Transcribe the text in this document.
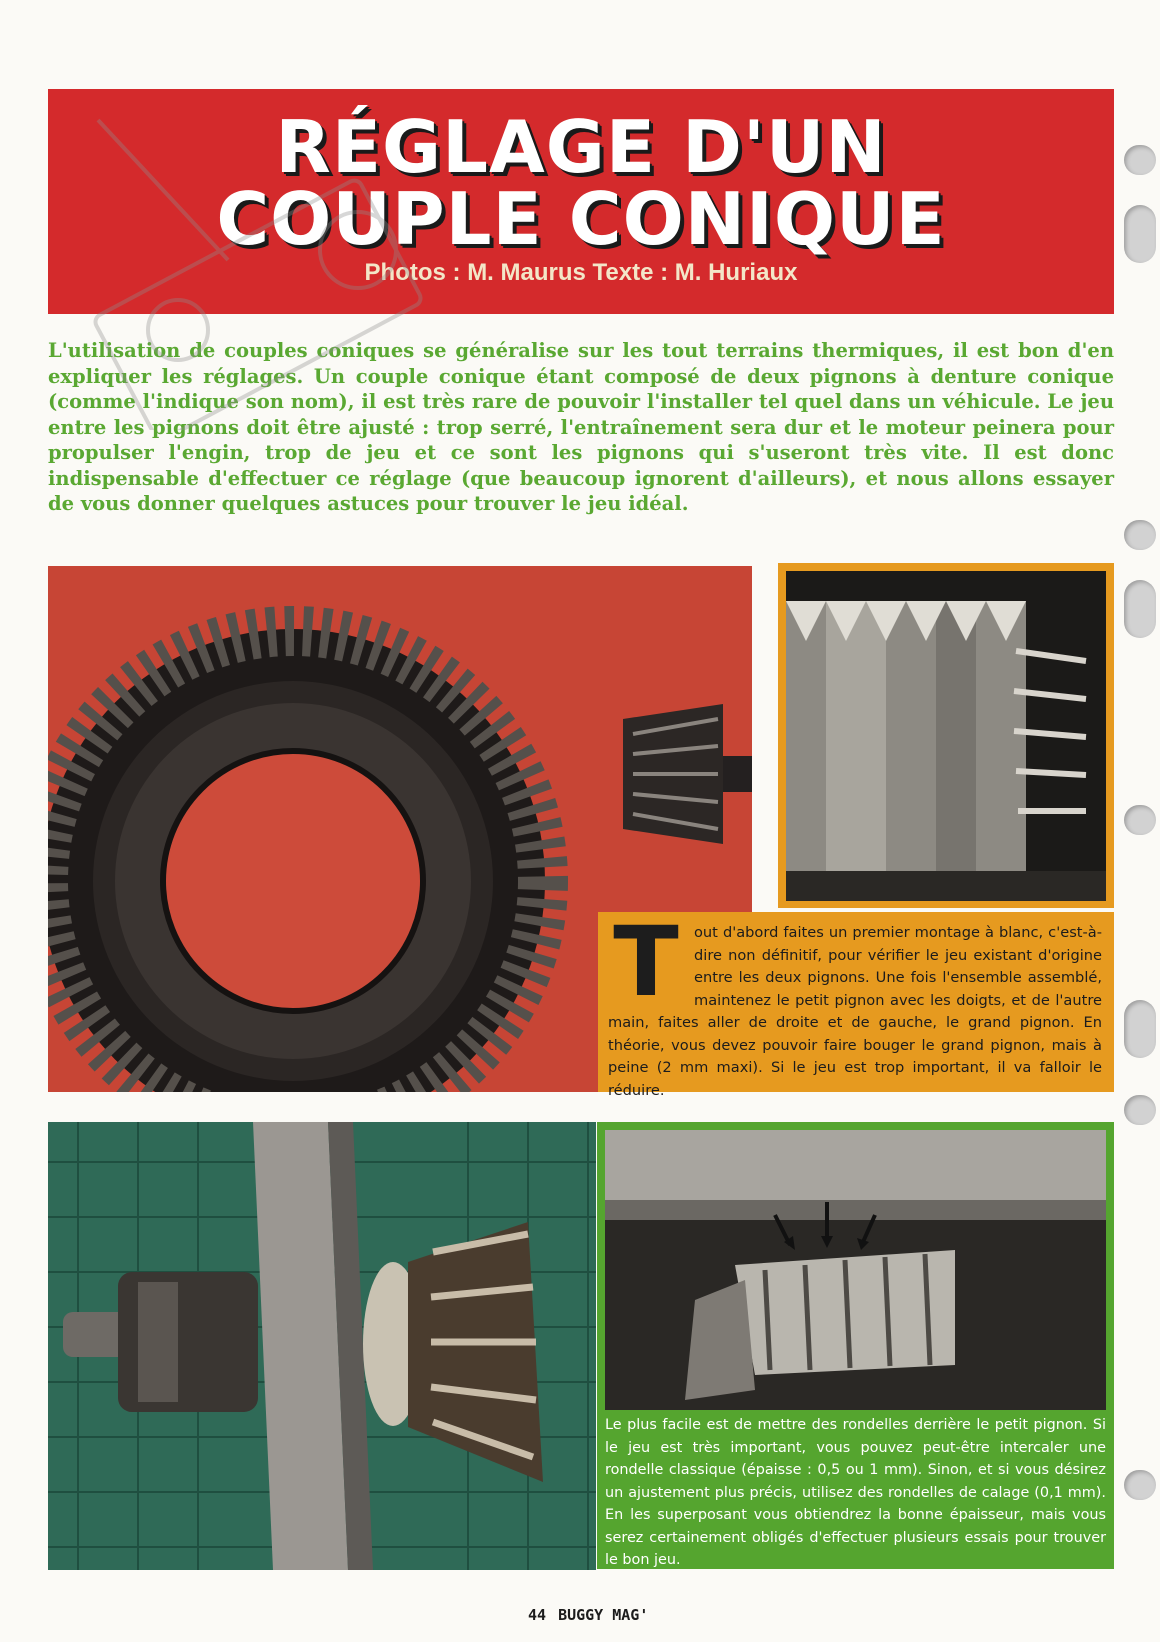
RÉGLAGE D'UN
COUPLE CONIQUE
Photos : M. Maurus Texte : M. Huriaux

L'utilisation de couples coniques se généralise sur les tout terrains thermiques, il est bon d'en expliquer les réglages. Un couple conique étant composé de deux pignons à denture conique (comme l'indique son nom), il est très rare de pouvoir l'installer tel quel dans un véhicule. Le jeu entre les pignons doit être ajusté : trop serré, l'entraînement sera dur et le moteur peinera pour propulser l'engin, trop de jeu et ce sont les pignons qui s'useront très vite. Il est donc indispensable d'effectuer ce réglage (que beaucoup ignorent d'ailleurs), et nous allons essayer de vous donner quelques astuces pour trouver le jeu idéal.

T out d'abord faites un premier montage à blanc, c'est-à-dire non définitif, pour vérifier le jeu existant d'origine entre les deux pignons. Une fois l'ensemble assemblé, maintenez le petit pignon avec les doigts, et de l'autre main, faites aller de droite et de gauche, le grand pignon. En théorie, vous devez pouvoir faire bouger le grand pignon, mais à peine (2 mm maxi). Si le jeu est trop important, il va falloir le réduire.

Le plus facile est de mettre des rondelles derrière le petit pignon. Si le jeu est très important, vous pouvez peut-être intercaler une rondelle classique (épaisse : 0,5 ou 1 mm). Sinon, et si vous désirez un ajustement plus précis, utilisez des rondelles de calage (0,1 mm). En les superposant vous obtiendrez la bonne épaisseur, mais vous serez certainement obligés d'effectuer plusieurs essais pour trouver le bon jeu.

44 BUGGY MAG'
